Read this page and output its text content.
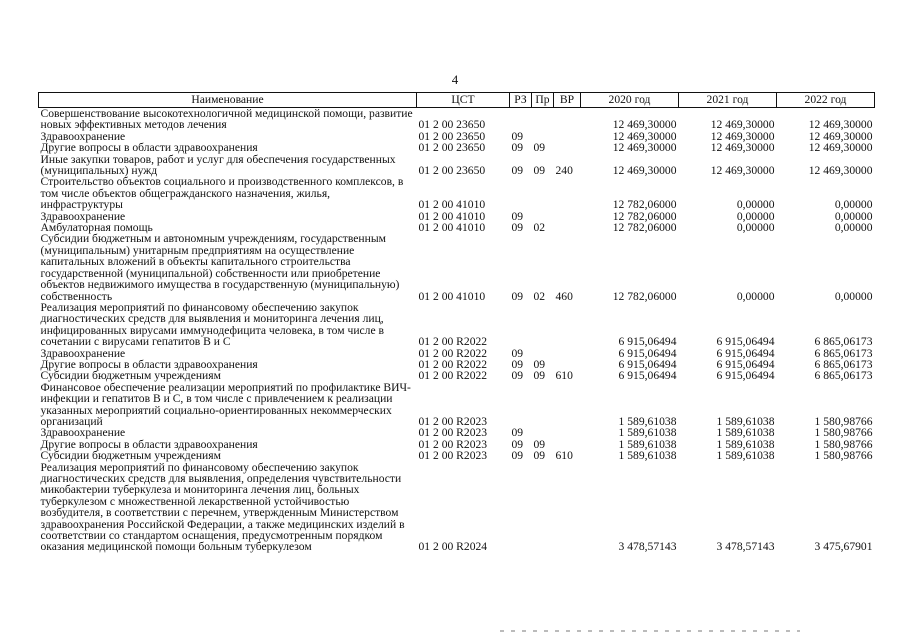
4
Наименование	ЦСТ	РЗ	Пр	ВР	2020 год	2021 год	2022 год
Совершенствование высокотехнологичной медицинской помощи, развитие новых эффективных методов лечения	01 2 00 23650				12 469,30000	12 469,30000	12 469,30000
Здравоохранение	01 2 00 23650	09			12 469,30000	12 469,30000	12 469,30000
Другие вопросы в области здравоохранения	01 2 00 23650	09	09		12 469,30000	12 469,30000	12 469,30000
Иные закупки товаров, работ и услуг для обеспечения государственных (муниципальных) нужд	01 2 00 23650	09	09	240	12 469,30000	12 469,30000	12 469,30000
Строительство объектов социального и производственного комплексов, в том числе объектов общегражданского назначения, жилья, инфраструктуры	01 2 00 41010				12 782,06000	0,00000	0,00000
Здравоохранение	01 2 00 41010	09			12 782,06000	0,00000	0,00000
Амбулаторная помощь	01 2 00 41010	09	02		12 782,06000	0,00000	0,00000
Субсидии бюджетным и автономным учреждениям, государственным (муниципальным) унитарным предприятиям на осуществление капитальных вложений в объекты капитального строительства государственной (муниципальной) собственности или приобретение объектов недвижимого имущества в государственную (муниципальную) собственность	01 2 00 41010	09	02	460	12 782,06000	0,00000	0,00000
Реализация мероприятий по финансовому обеспечению закупок диагностических средств для выявления и мониторинга лечения лиц, инфицированных вирусами иммунодефицита человека, в том числе в сочетании с вирусами гепатитов В и С	01 2 00 R2022				6 915,06494	6 915,06494	6 865,06173
Здравоохранение	01 2 00 R2022	09			6 915,06494	6 915,06494	6 865,06173
Другие вопросы в области здравоохранения	01 2 00 R2022	09	09		6 915,06494	6 915,06494	6 865,06173
Субсидии бюджетным учреждениям	01 2 00 R2022	09	09	610	6 915,06494	6 915,06494	6 865,06173
Финансовое обеспечение реализации мероприятий по профилактике ВИЧ-инфекции и гепатитов В и С, в том числе с привлечением к реализации указанных мероприятий социально-ориентированных некоммерческих организаций	01 2 00 R2023				1 589,61038	1 589,61038	1 580,98766
Здравоохранение	01 2 00 R2023	09			1 589,61038	1 589,61038	1 580,98766
Другие вопросы в области здравоохранения	01 2 00 R2023	09	09		1 589,61038	1 589,61038	1 580,98766
Субсидии бюджетным учреждениям	01 2 00 R2023	09	09	610	1 589,61038	1 589,61038	1 580,98766
Реализация мероприятий по финансовому обеспечению закупок диагностических средств для выявления, определения чувствительности микобактерии туберкулеза и мониторинга лечения лиц, больных туберкулезом с множественной лекарственной устойчивостью возбудителя, в соответствии с перечнем, утвержденным Министерством здравоохранения Российской Федерации, а также медицинских изделий в соответствии со стандартом оснащения, предусмотренным порядком оказания медицинской помощи больным туберкулезом	01 2 00 R2024				3 478,57143	3 478,57143	3 475,67901
